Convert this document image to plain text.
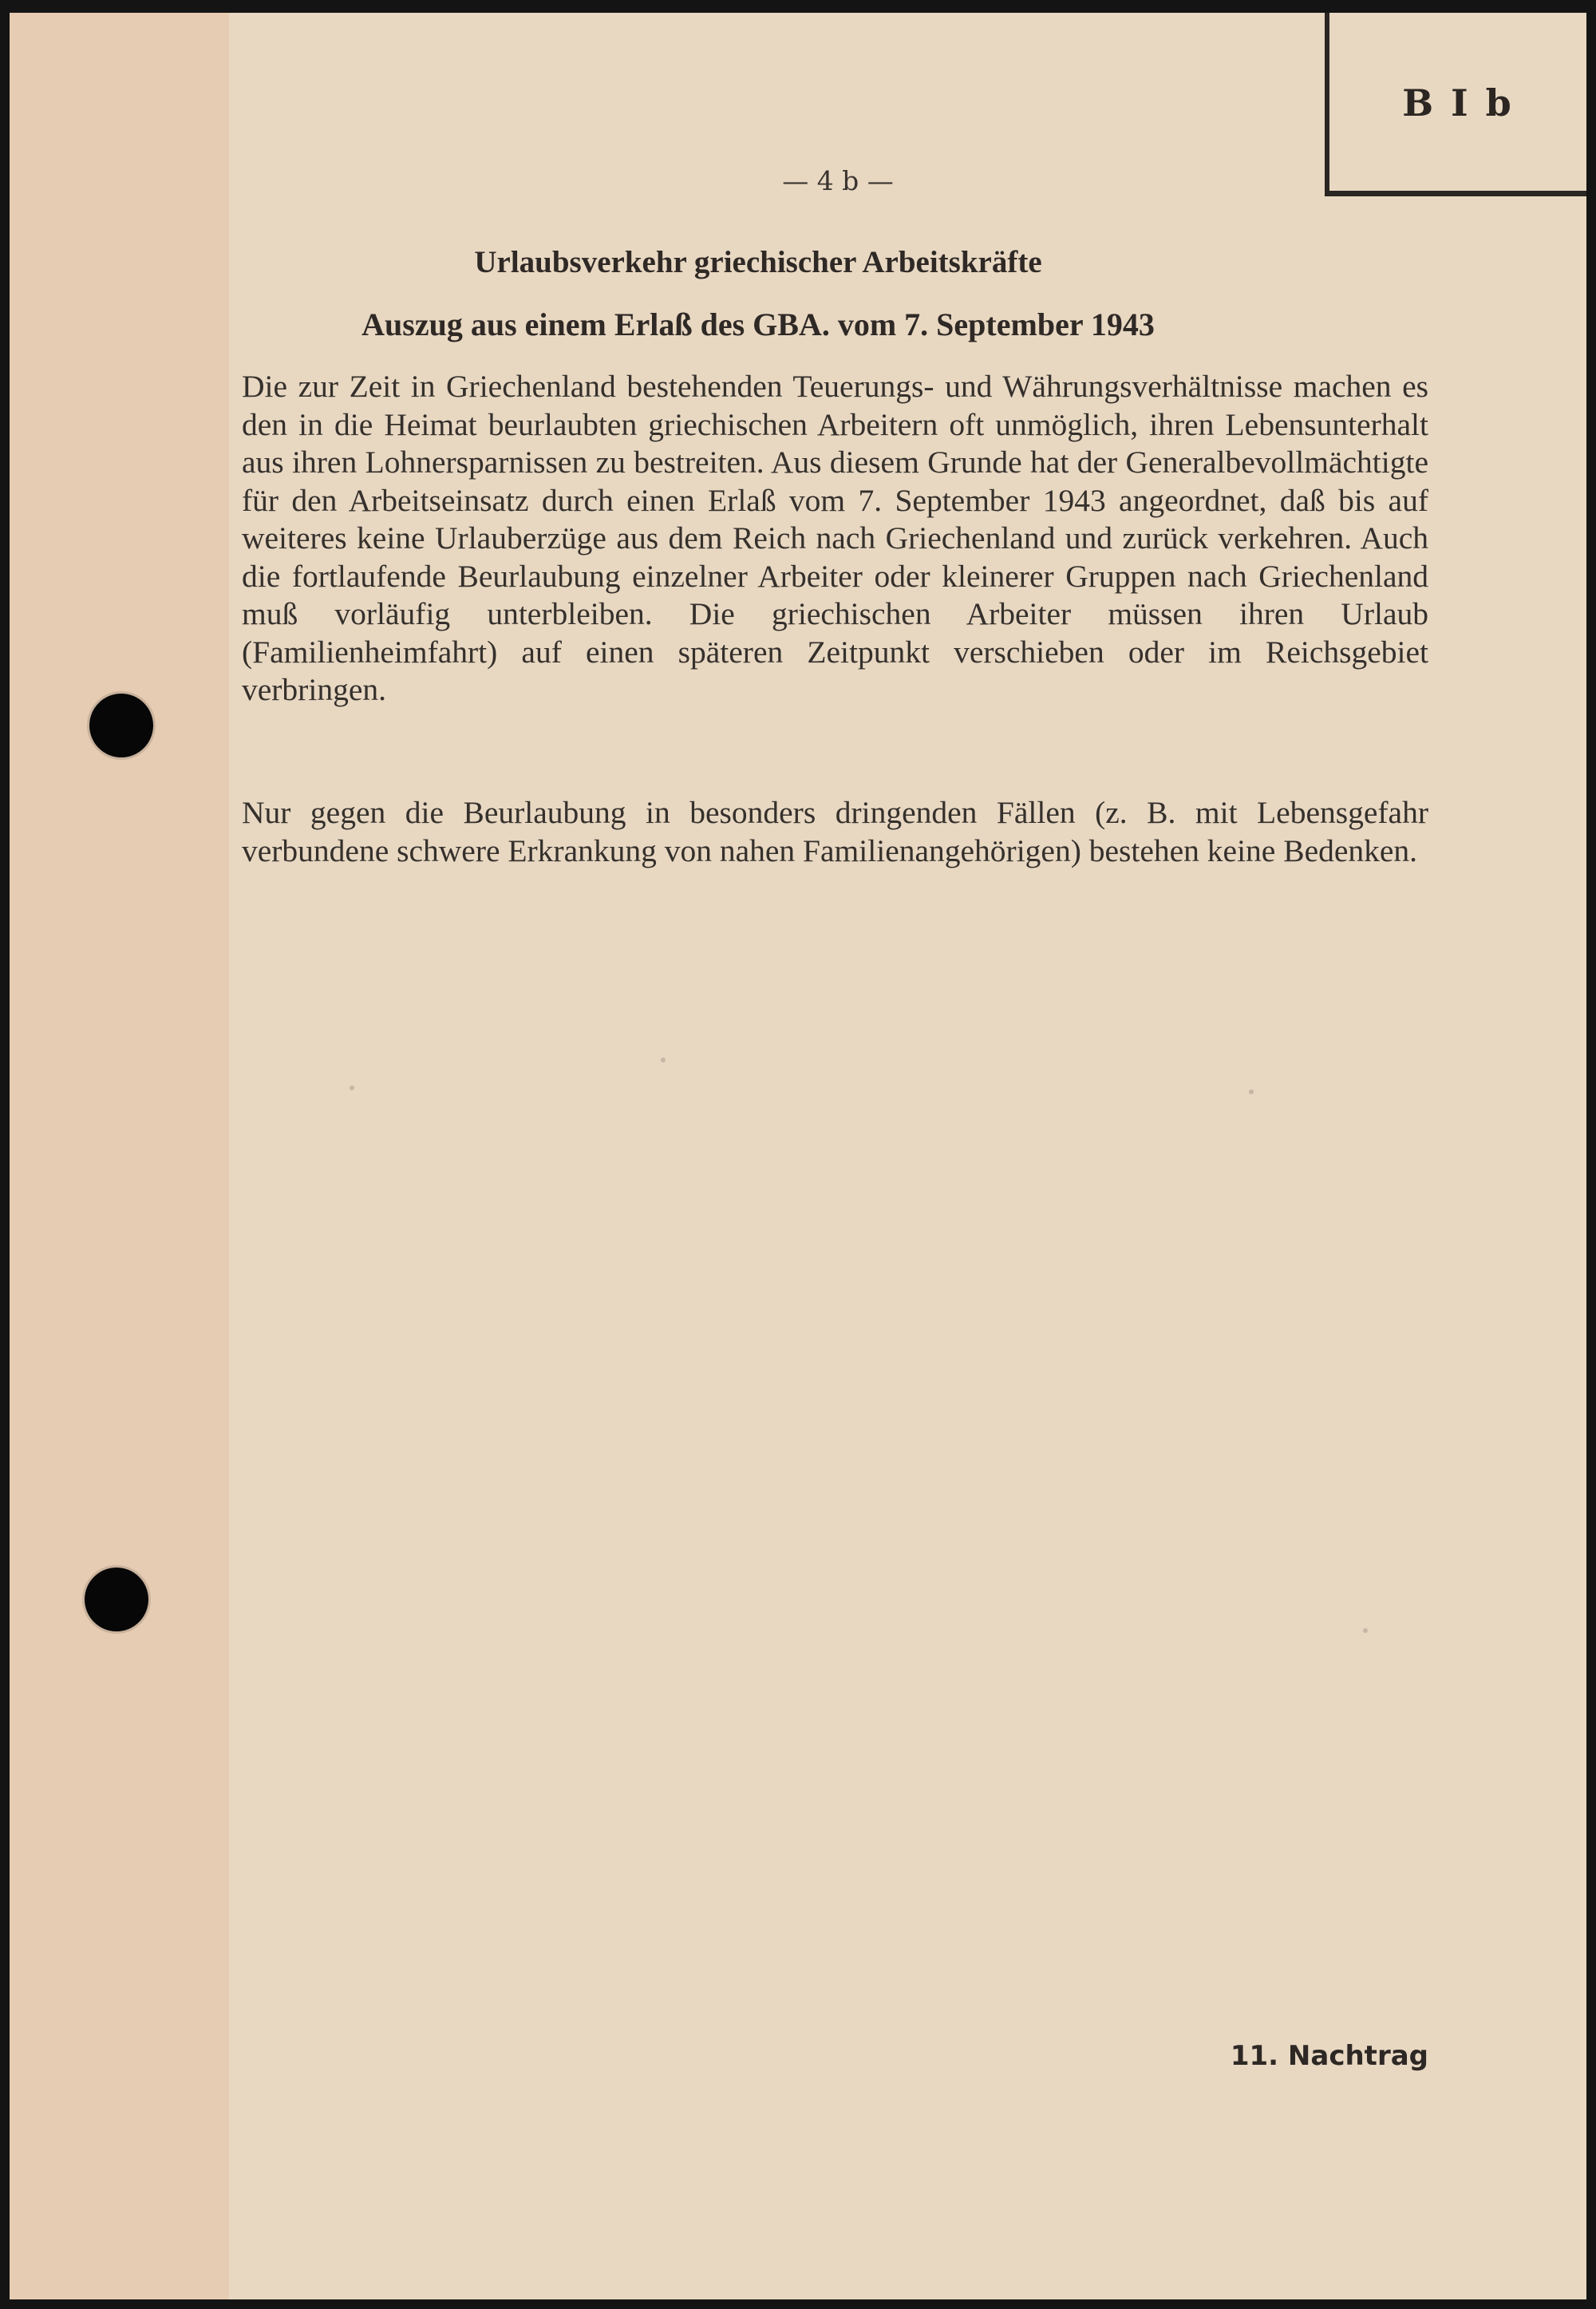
B I b
— 4 b —
Urlaubsverkehr griechischer Arbeitskräfte
Auszug aus einem Erlaß des GBA. vom 7. September 1943

Die zur Zeit in Griechenland bestehenden Teuerungs- und Währungsverhältnisse machen es den in die Heimat beurlaubten griechischen Arbeitern oft unmöglich, ihren Lebensunterhalt aus ihren Lohnersparnissen zu bestreiten. Aus diesem Grunde hat der Generalbevollmächtigte für den Arbeitseinsatz durch einen Erlaß vom 7. September 1943 angeordnet, daß bis auf weiteres keine Urlauberzüge aus dem Reich nach Griechenland und zurück verkehren. Auch die fortlaufende Beurlaubung einzelner Arbeiter oder kleinerer Gruppen nach Griechenland muß vorläufig unterbleiben. Die griechischen Arbeiter müssen ihren Urlaub (Familienheimfahrt) auf einen späteren Zeitpunkt verschieben oder im Reichsgebiet verbringen.

Nur gegen die Beurlaubung in besonders dringenden Fällen (z. B. mit Lebensgefahr verbundene schwere Erkrankung von nahen Familienangehörigen) bestehen keine Bedenken.

11. Nachtrag
